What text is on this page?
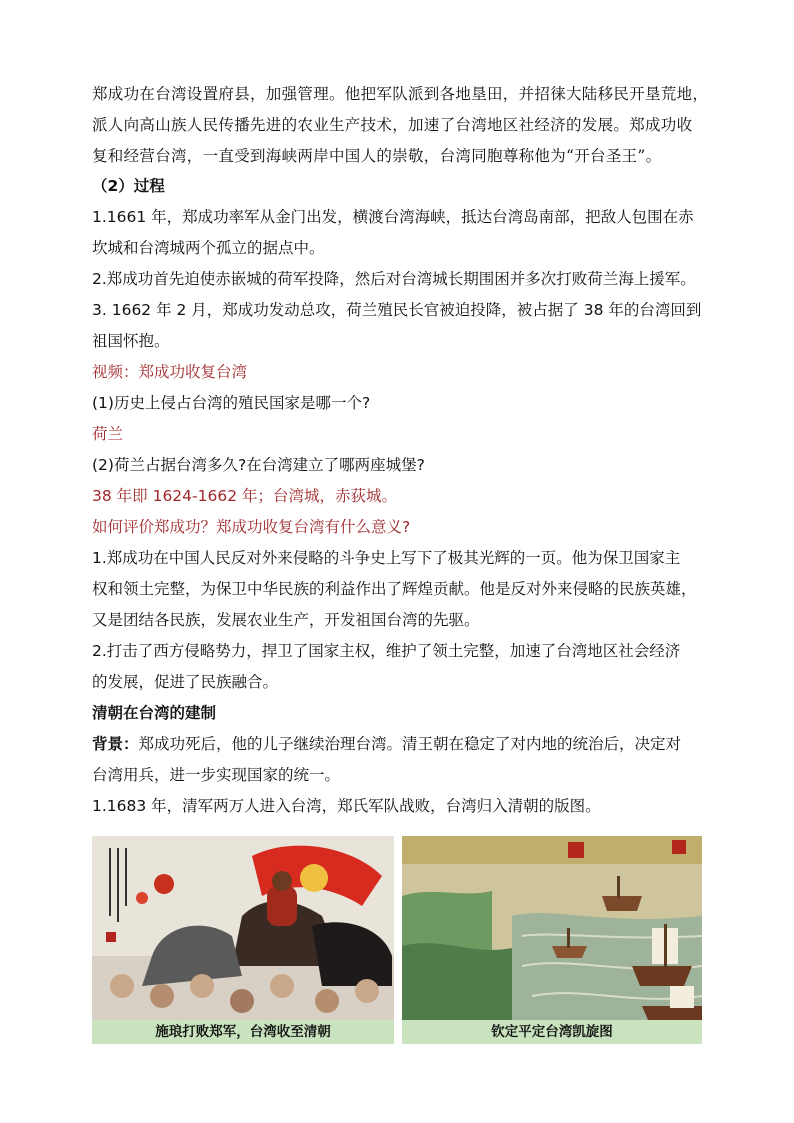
郑成功在台湾设置府县，加强管理。他把军队派到各地垦田，并招徕大陆移民开垦荒地，
派人向高山族人民传播先进的农业生产技术，加速了台湾地区社经济的发展。郑成功收
复和经营台湾，一直受到海峡两岸中国人的崇敬，台湾同胞尊称他为“开台圣王”。
（2）过程
1.1661 年，郑成功率军从金门出发，横渡台湾海峡，抵达台湾岛南部，把敌人包围在赤
坎城和台湾城两个孤立的据点中。
2.郑成功首先迫使赤嵌城的荷军投降，然后对台湾城长期围困并多次打败荷兰海上援军。
3. 1662 年 2 月，郑成功发动总攻，荷兰殖民长官被迫投降，被占据了 38 年的台湾回到
祖国怀抱。
视频：郑成功收复台湾
(1)历史上侵占台湾的殖民国家是哪一个?
荷兰
(2)荷兰占据台湾多久?在台湾建立了哪两座城堡?
38 年即 1624-1662 年；台湾城，赤荻城。
如何评价郑成功？郑成功收复台湾有什么意义?
1.郑成功在中国人民反对外来侵略的斗争史上写下了极其光辉的一页。他为保卫国家主
权和领土完整，为保卫中华民族的利益作出了辉煌贡献。他是反对外来侵略的民族英雄，
又是团结各民族，发展农业生产，开发祖国台湾的先驱。
2.打击了西方侵略势力，捍卫了国家主权，维护了领土完整，加速了台湾地区社会经济
的发展，促进了民族融合。
清朝在台湾的建制
背景：郑成功死后，他的儿子继续治理台湾。清王朝在稳定了对内地的统治后，决定对
台湾用兵，进一步实现国家的统一。
1.1683 年，清军两万人进入台湾，郑氏军队战败，台湾归入清朝的版图。
施琅打败郑军，台湾收至清朝	钦定平定台湾凯旋图
